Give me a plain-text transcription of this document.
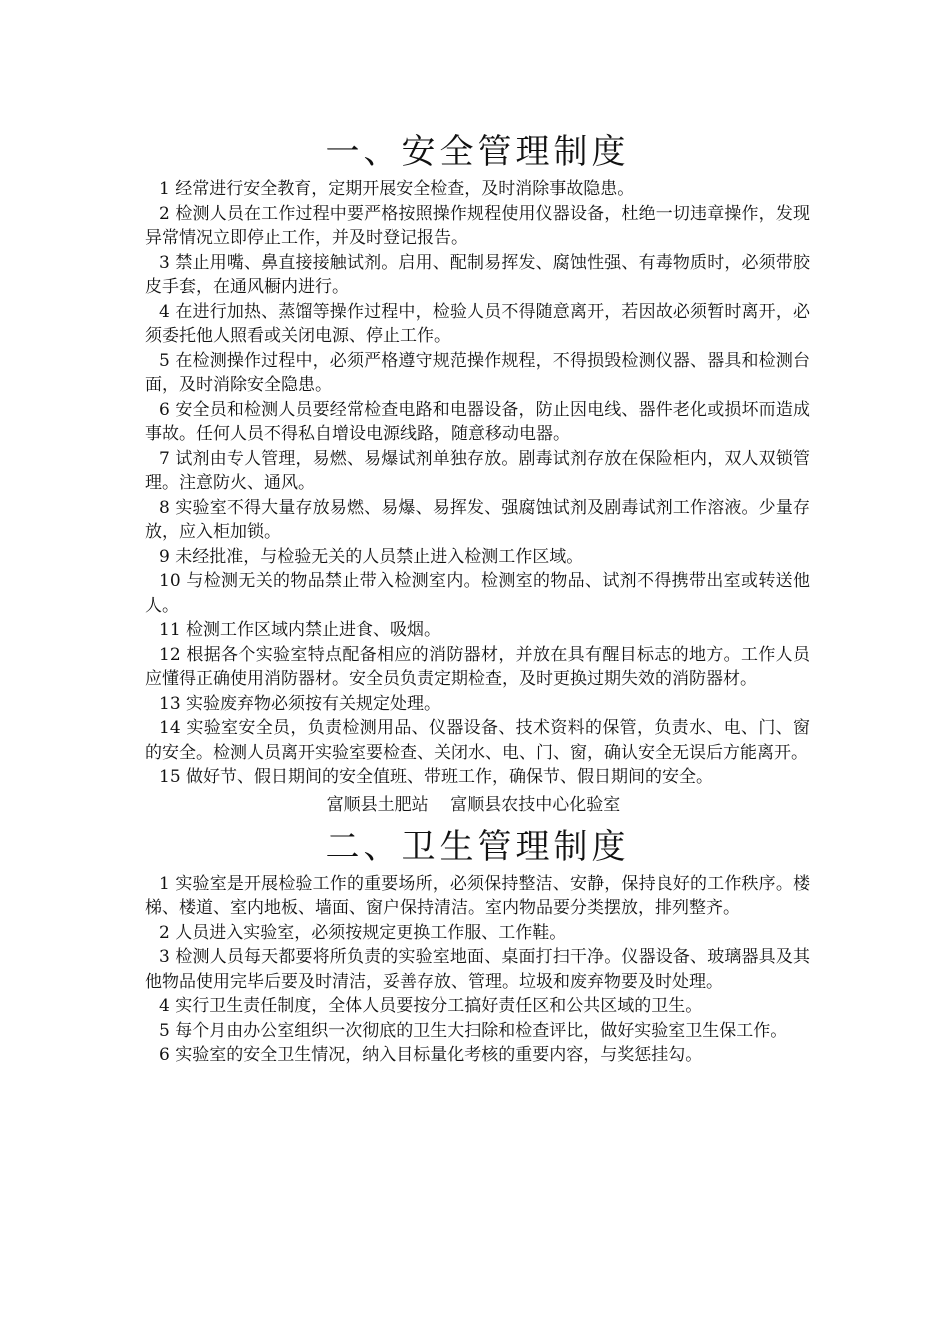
一、安全管理制度

1 经常进行安全教育，定期开展安全检查，及时消除事故隐患。

2 检测人员在工作过程中要严格按照操作规程使用仪器设备，杜绝一切违章操作，发现异常情况立即停止工作，并及时登记报告。

3 禁止用嘴、鼻直接接触试剂。启用、配制易挥发、腐蚀性强、有毒物质时，必须带胶皮手套，在通风橱内进行。

4 在进行加热、蒸馏等操作过程中，检验人员不得随意离开，若因故必须暂时离开，必须委托他人照看或关闭电源、停止工作。

5 在检测操作过程中，必须严格遵守规范操作规程，不得损毁检测仪器、器具和检测台面，及时消除安全隐患。

6 安全员和检测人员要经常检查电路和电器设备，防止因电线、器件老化或损坏而造成事故。任何人员不得私自增设电源线路，随意移动电器。

7 试剂由专人管理，易燃、易爆试剂单独存放。剧毒试剂存放在保险柜内，双人双锁管理。注意防火、通风。

8 实验室不得大量存放易燃、易爆、易挥发、强腐蚀试剂及剧毒试剂工作溶液。少量存放，应入柜加锁。

9 未经批准，与检验无关的人员禁止进入检测工作区域。

10 与检测无关的物品禁止带入检测室内。检测室的物品、试剂不得携带出室或转送他人。

11 检测工作区域内禁止进食、吸烟。

12 根据各个实验室特点配备相应的消防器材，并放在具有醒目标志的地方。工作人员应懂得正确使用消防器材。安全员负责定期检查，及时更换过期失效的消防器材。

13 实验废弃物必须按有关规定处理。

14 实验室安全员，负责检测用品、仪器设备、技术资料的保管，负责水、电、门、窗的安全。检测人员离开实验室要检查、关闭水、电、门、窗，确认安全无误后方能离开。

15 做好节、假日期间的安全值班、带班工作，确保节、假日期间的安全。

富顺县土肥站    富顺县农技中心化验室

二、卫生管理制度

1 实验室是开展检验工作的重要场所，必须保持整洁、安静，保持良好的工作秩序。楼梯、楼道、室内地板、墙面、窗户保持清洁。室内物品要分类摆放，排列整齐。

2 人员进入实验室，必须按规定更换工作服、工作鞋。

3 检测人员每天都要将所负责的实验室地面、桌面打扫干净。仪器设备、玻璃器具及其他物品使用完毕后要及时清洁，妥善存放、管理。垃圾和废弃物要及时处理。

4 实行卫生责任制度，全体人员要按分工搞好责任区和公共区域的卫生。

5 每个月由办公室组织一次彻底的卫生大扫除和检查评比，做好实验室卫生保工作。

6 实验室的安全卫生情况，纳入目标量化考核的重要内容，与奖惩挂勾。
